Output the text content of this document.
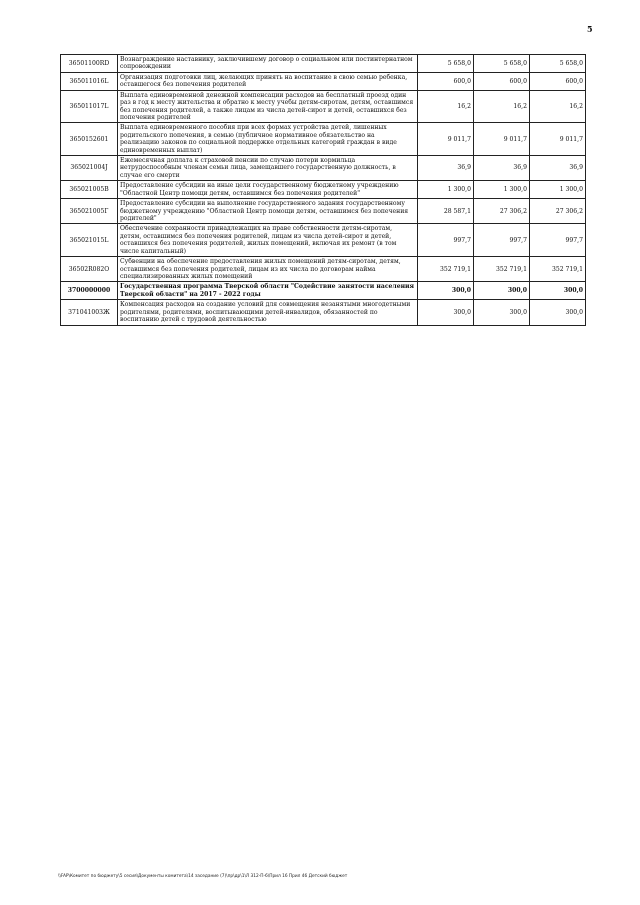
5
36501100RD	Вознаграждение наставнику, заключившему договор о социальном или постинтернатном сопровождении	5 658,0	5 658,0	5 658,0
365011016L	Организация подготовки лиц, желающих принять на воспитание в свою семью ребенка, оставшегося без попечения родителей	600,0	600,0	600,0
365011017L	Выплата единовременной денежной компенсации расходов на бесплатный проезд один раз в год к месту жительства и обратно к месту учебы детям-сиротам, детям, оставшимся без попечения родителей, а также лицам из числа детей-сирот и детей, оставшихся без попечения родителей	16,2	16,2	16,2
3650152601	Выплата единовременного пособия при всех формах устройства детей, лишенных родительского попечения, в семью (публичное нормативное обязательство на реализацию законов по социальной поддержке отдельных категорий граждан в виде единовременных выплат)	9 011,7	9 011,7	9 011,7
365021004J	Ежемесячная доплата к страховой пенсии по случаю потери кормильца нетрудоспособным членам семьи лица, замещавшего государственную должность, в случае его смерти	36,9	36,9	36,9
365021005B	Предоставление субсидии на иные цели государственному бюджетному учреждению "Областной Центр помощи детям, оставшимся без попечения родителей"	1 300,0	1 300,0	1 300,0
365021005Г	Предоставление субсидии на выполнение государственного задания государственному бюджетному учреждению "Областной Центр помощи детям, оставшимся без попечения родителей"	28 587,1	27 306,2	27 306,2
365021015L	Обеспечение сохранности принадлежащих на праве собственности детям-сиротам, детям, оставшимся без попечения родителей, лицам из числа детей-сирот и детей, оставшихся без попечения родителей, жилых помещений, включая их ремонт (в том числе капитальный)	997,7	997,7	997,7
36502R082O	Субвенции на обеспечение предоставления жилых помещений детям-сиротам, детям, оставшимся без попечения родителей, лицам из их числа по договорам найма специализированных жилых помещений	352 719,1	352 719,1	352 719,1
3700000000	Государственная программа Тверской области "Содействие занятости населения Тверской области" на 2017 - 2022 годы	300,0	300,0	300,0
371041003Ж	Компенсация расходов на создание условий для совмещения незанятыми многодетными родителями, родителями, воспитывающими детей-инвалидов, обязанностей по воспитанию детей с трудовой деятельностью	300,0	300,0	300,0
\\FAP\Комитет по бюджету\5 сесия\Документы комитета\14 заседание (7)\пр\др\1\Л 312-П-6\Прил 16 Прил 46 Детский бюджет
